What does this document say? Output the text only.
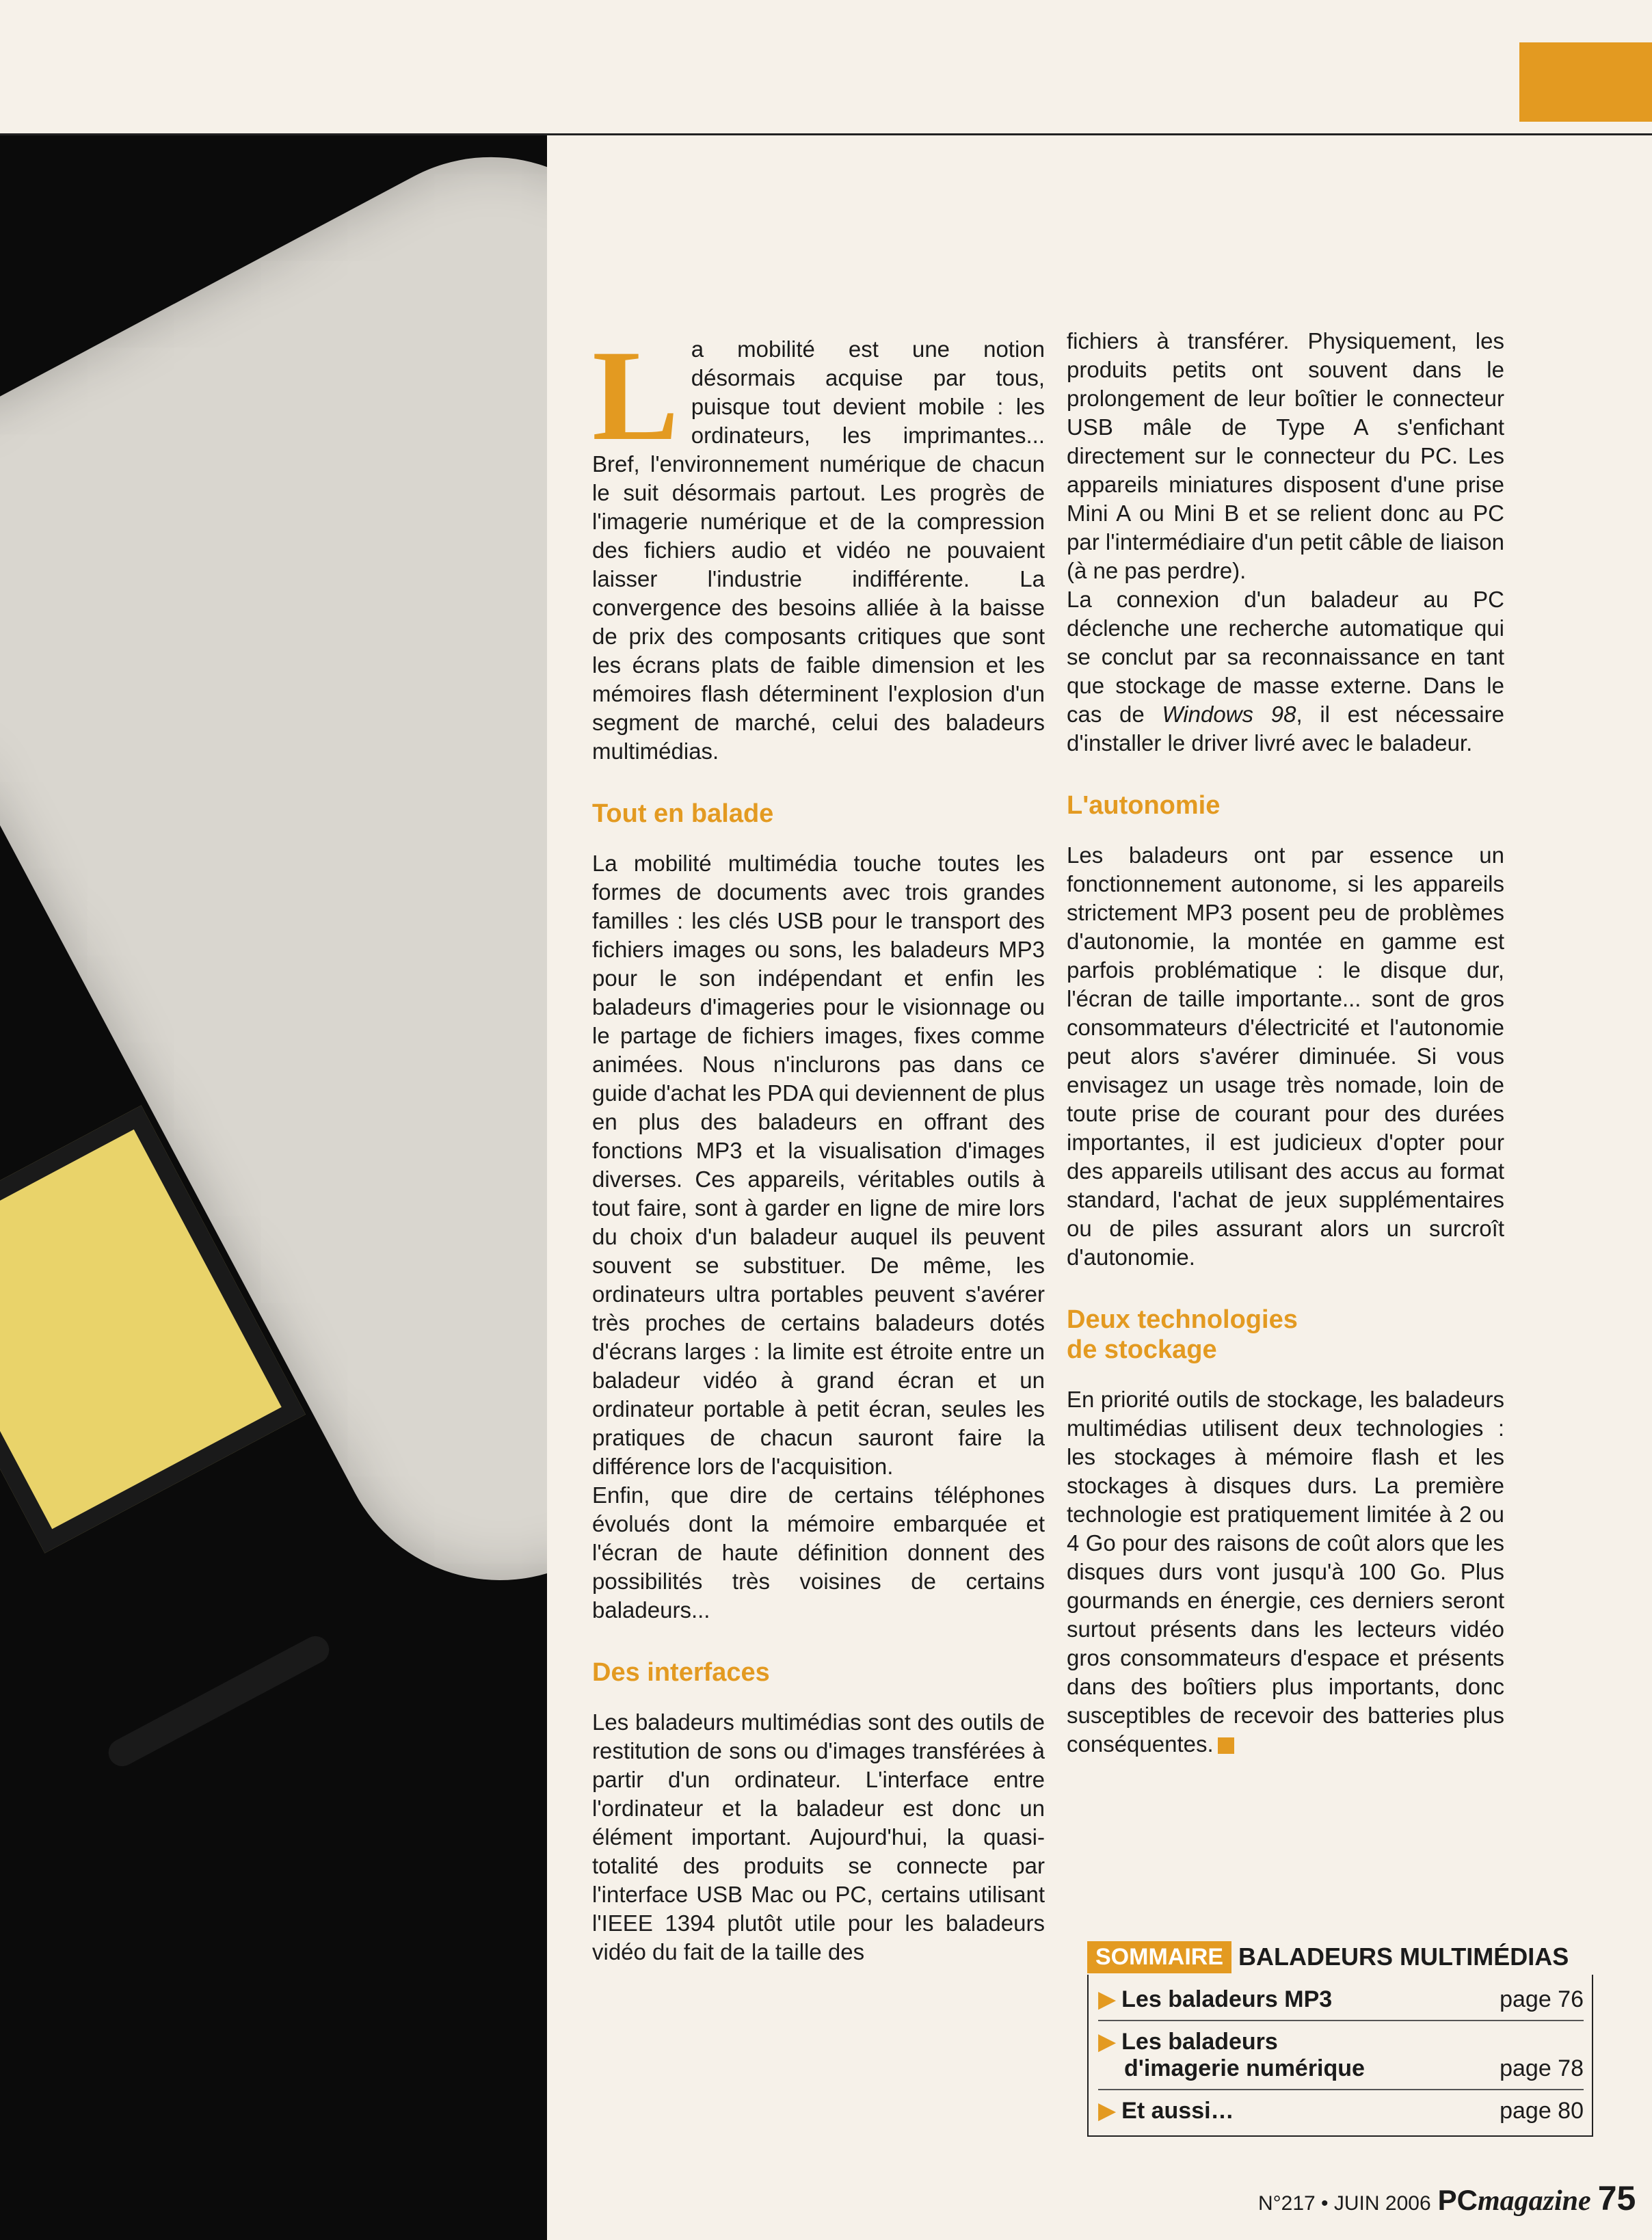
La mobilité est une notion désormais acquise par tous, puisque tout devient mobile : les ordinateurs, les imprimantes... Bref, l'environnement numérique de chacun le suit désormais partout. Les progrès de l'imagerie numérique et de la compression des fichiers audio et vidéo ne pouvaient laisser l'industrie indifférente. La convergence des besoins alliée à la baisse de prix des composants critiques que sont les écrans plats de faible dimension et les mémoires flash déterminent l'explosion d'un segment de marché, celui des baladeurs multimédias.

Tout en balade

La mobilité multimédia touche toutes les formes de documents avec trois grandes familles : les clés USB pour le transport des fichiers images ou sons, les baladeurs MP3 pour le son indépendant et enfin les baladeurs d'imageries pour le visionnage ou le partage de fichiers images, fixes comme animées. Nous n'inclurons pas dans ce guide d'achat les PDA qui deviennent de plus en plus des baladeurs en offrant des fonctions MP3 et la visualisation d'images diverses. Ces appareils, véritables outils à tout faire, sont à garder en ligne de mire lors du choix d'un baladeur auquel ils peuvent souvent se substituer. De même, les ordinateurs ultra portables peuvent s'avérer très proches de certains baladeurs dotés d'écrans larges : la limite est étroite entre un baladeur vidéo à grand écran et un ordinateur portable à petit écran, seules les pratiques de chacun sauront faire la différence lors de l'acquisition.

Enfin, que dire de certains téléphones évolués dont la mémoire embarquée et l'écran de haute définition donnent des possibilités très voisines de certains baladeurs...

Des interfaces

Les baladeurs multimédias sont des outils de restitution de sons ou d'images transférées à partir d'un ordinateur. L'interface entre l'ordinateur et la baladeur est donc un élément important. Aujourd'hui, la quasi-totalité des produits se connecte par l'interface USB Mac ou PC, certains utilisant l'IEEE 1394 plutôt utile pour les baladeurs vidéo du fait de la taille des

fichiers à transférer. Physiquement, les produits petits ont souvent dans le prolongement de leur boîtier le connecteur USB mâle de Type A s'enfichant directement sur le connecteur du PC. Les appareils miniatures disposent d'une prise Mini A ou Mini B et se relient donc au PC par l'intermédiaire d'un petit câble de liaison (à ne pas perdre).

La connexion d'un baladeur au PC déclenche une recherche automatique qui se conclut par sa reconnaissance en tant que stockage de masse externe. Dans le cas de Windows 98, il est nécessaire d'installer le driver livré avec le baladeur.

L'autonomie

Les baladeurs ont par essence un fonctionnement autonome, si les appareils strictement MP3 posent peu de problèmes d'autonomie, la montée en gamme est parfois problématique : le disque dur, l'écran de taille importante... sont de gros consommateurs d'électricité et l'autonomie peut alors s'avérer diminuée. Si vous envisagez un usage très nomade, loin de toute prise de courant pour des durées importantes, il est judicieux d'opter pour des appareils utilisant des accus au format standard, l'achat de jeux supplémentaires ou de piles assurant alors un surcroît d'autonomie.

Deux technologies
de stockage

En priorité outils de stockage, les baladeurs multimédias utilisent deux technologies : les stockages à mémoire flash et les stockages à disques durs. La première technologie est pratiquement limitée à 2 ou 4 Go pour des raisons de coût alors que les disques durs vont jusqu'à 100 Go. Plus gourmands en énergie, ces derniers seront surtout présents dans les lecteurs vidéo gros consommateurs d'espace et présents dans des boîtiers plus importants, donc susceptibles de recevoir des batteries plus conséquentes.

SOMMAIRE BALADEURS MULTIMÉDIAS
▶ Les baladeurs MP3	page 76
▶ Les baladeurs
d'imagerie numérique	page 78
▶ Et aussi…	page 80
N°217 • JUIN 2006 PCmagazine 75
